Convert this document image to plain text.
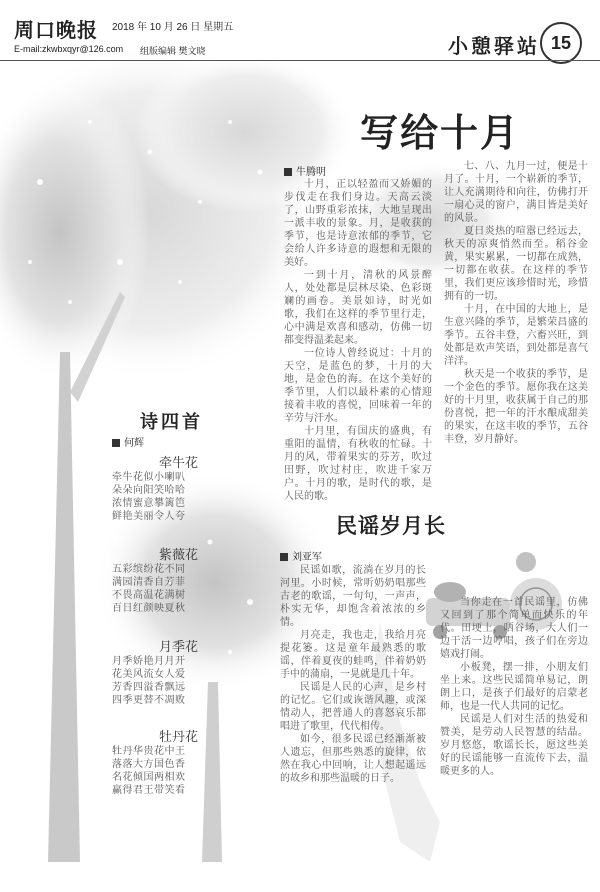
周口晚报 2018 年 10 月 26 日 星期五
E-mail:zkwbxqyr@126.com 组版编辑 樊文晓	小憩驿站 15
写给十月
牛腾明

十月，正以轻盈而又娇媚的步伐走在我们身边。天高云淡了，山野重彩浓抹，大地呈现出一派丰收的景象。月，是收获的季节，也是诗意浓郁的季节，它会给人许多诗意的遐想和无限的美好。

一到十月，清秋的风景醉人，处处都是层林尽染、色彩斑斓的画卷。美景如诗，时光如歌，我们在这样的季节里行走，心中满是欢喜和感动，仿佛一切都变得温柔起来。

一位诗人曾经说过：十月的天空，是蓝色的梦，十月的大地，是金色的海。在这个美好的季节里，人们以最朴素的心情迎接着丰收的喜悦，回味着一年的辛劳与汗水。

十月里，有国庆的盛典，有重阳的温情，有秋收的忙碌。十月的风，带着果实的芬芳，吹过田野，吹过村庄，吹进千家万户。十月的歌，是时代的歌，是人民的歌。

七、八、九月一过，便是十月了。十月，一个崭新的季节，让人充满期待和向往，仿佛打开一扇心灵的窗户，满目皆是美好的风景。

夏日炎热的喧嚣已经远去，秋天的凉爽悄然而至。稻谷金黄，果实累累，一切都在成熟，一切都在收获。在这样的季节里，我们更应该珍惜时光，珍惜拥有的一切。

十月，在中国的大地上，是生意兴隆的季节，是繁荣昌盛的季节。五谷丰登，六畜兴旺，到处都是欢声笑语，到处都是喜气洋洋。

秋天是一个收获的季节，是一个金色的季节。愿你我在这美好的十月里，收获属于自己的那份喜悦，把一年的汗水酿成甜美的果实，在这丰收的季节，五谷丰登，岁月静好。

诗四首
何辉
牵牛花
牵牛花似小喇叭
朵朵向阳笑哈哈
浓情蜜意攀篱笆
鲜艳美丽令人夸
紫薇花
五彩缤纷花不同
满园清香自芳菲
不畏高温花满树
百日红颜映夏秋
月季花
月季娇艳月月开
花美风流女人爱
芳香四溢香飘远
四季更替不凋败
牡丹花
牡丹华贵花中王
落落大方国色香
名花倾国两相欢
赢得君王带笑看
民谣岁月长
刘亚军

民谣如歌，流淌在岁月的长河里。小时候，常听奶奶唱那些古老的歌谣，一句句，一声声，朴实无华，却饱含着浓浓的乡情。

月亮走，我也走，我给月亮提花篓。这是童年最熟悉的歌谣，伴着夏夜的蛙鸣，伴着奶奶手中的蒲扇，一晃就是几十年。

民谣是人民的心声，是乡村的记忆。它们或诙谐风趣，或深情动人，把普通人的喜怒哀乐都唱进了歌里，代代相传。

如今，很多民谣已经渐渐被人遗忘，但那些熟悉的旋律，依然在我心中回响，让人想起遥远的故乡和那些温暖的日子。

当你走在一首民谣里，仿佛又回到了那个简单而快乐的年代。田埂上，晒谷场，大人们一边干活一边哼唱，孩子们在旁边嬉戏打闹。

小板凳，摆一排，小朋友们坐上来。这些民谣简单易记，朗朗上口，是孩子们最好的启蒙老师，也是一代人共同的记忆。

民谣是人们对生活的热爱和赞美，是劳动人民智慧的结晶。岁月悠悠，歌谣长长，愿这些美好的民谣能够一直流传下去，温暖更多的人。
